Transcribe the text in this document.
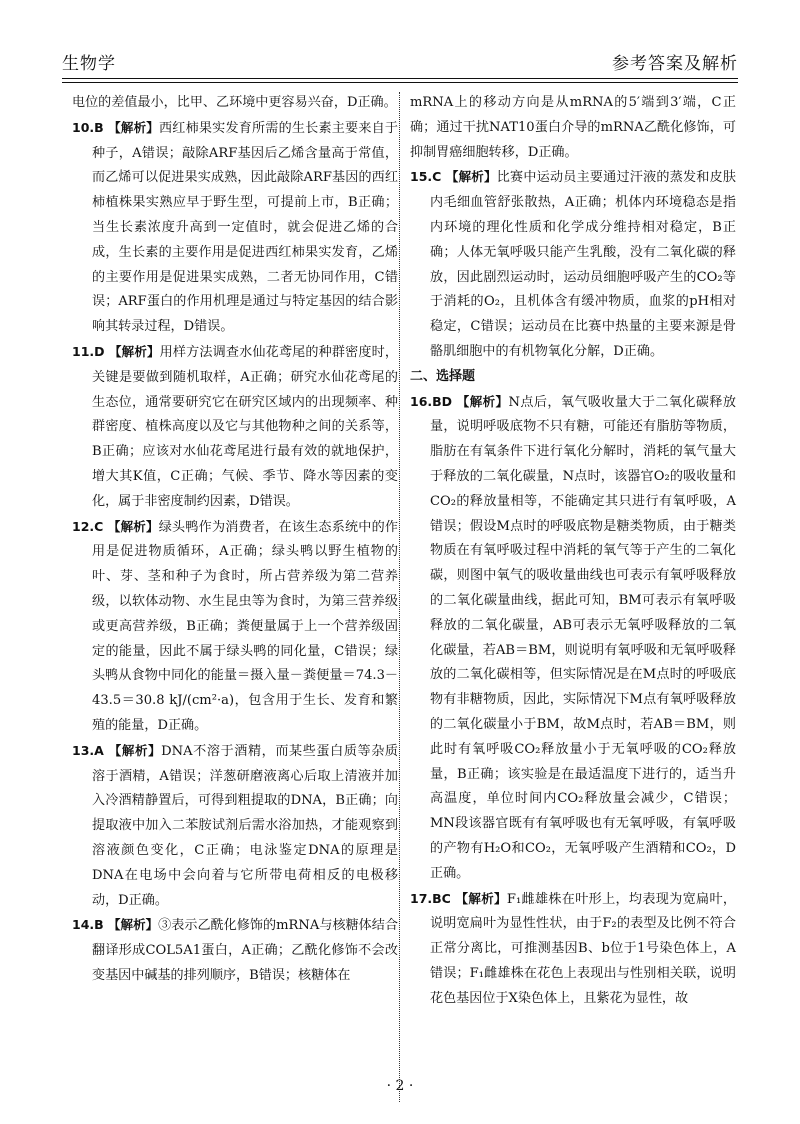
生物学	参考答案及解析

电位的差值最小，比甲、乙环境中更容易兴奋，D正确。

10.B 【解析】西红柿果实发育所需的生长素主要来自于种子，A错误；敲除ARF基因后乙烯含量高于常值，而乙烯可以促进果实成熟，因此敲除ARF基因的西红柿植株果实熟应早于野生型，可提前上市，B正确；当生长素浓度升高到一定值时，就会促进乙烯的合成，生长素的主要作用是促进西红柿果实发育，乙烯的主要作用是促进果实成熟，二者无协同作用，C错误；ARF蛋白的作用机理是通过与特定基因的结合影响其转录过程，D错误。

11.D 【解析】用样方法调查水仙花鸢尾的种群密度时，关键是要做到随机取样，A正确；研究水仙花鸢尾的生态位，通常要研究它在研究区域内的出现频率、种群密度、植株高度以及它与其他物种之间的关系等，B正确；应该对水仙花鸢尾进行最有效的就地保护，增大其K值，C正确；气候、季节、降水等因素的变化，属于非密度制约因素，D错误。

12.C 【解析】绿头鸭作为消费者，在该生态系统中的作用是促进物质循环，A正确；绿头鸭以野生植物的叶、芽、茎和种子为食时，所占营养级为第二营养级，以软体动物、水生昆虫等为食时，为第三营养级或更高营养级，B正确；粪便量属于上一个营养级固定的能量，因此不属于绿头鸭的同化量，C错误；绿头鸭从食物中同化的能量＝摄入量－粪便量＝74.3－43.5＝30.8 kJ/(cm²·a)，包含用于生长、发育和繁殖的能量，D正确。

13.A 【解析】DNA不溶于酒精，而某些蛋白质等杂质溶于酒精，A错误；洋葱研磨液离心后取上清液并加入冷酒精静置后，可得到粗提取的DNA，B正确；向提取液中加入二苯胺试剂后需水浴加热，才能观察到溶液颜色变化，C正确；电泳鉴定DNA的原理是DNA在电场中会向着与它所带电荷相反的电极移动，D正确。

14.B 【解析】③表示乙酰化修饰的mRNA与核糖体结合翻译形成COL5A1蛋白，A正确；乙酰化修饰不会改变基因中碱基的排列顺序，B错误；核糖体在

mRNA上的移动方向是从mRNA的5′端到3′端，C正确；通过干扰NAT10蛋白介导的mRNA乙酰化修饰，可抑制胃癌细胞转移，D正确。

15.C 【解析】比赛中运动员主要通过汗液的蒸发和皮肤内毛细血管舒张散热，A正确；机体内环境稳态是指内环境的理化性质和化学成分维持相对稳定，B正确；人体无氧呼吸只能产生乳酸，没有二氧化碳的释放，因此剧烈运动时，运动员细胞呼吸产生的CO₂等于消耗的O₂，且机体含有缓冲物质，血浆的pH相对稳定，C错误；运动员在比赛中热量的主要来源是骨骼肌细胞中的有机物氧化分解，D正确。

二、选择题

16.BD 【解析】N点后，氧气吸收量大于二氧化碳释放量，说明呼吸底物不只有糖，可能还有脂肪等物质，脂肪在有氧条件下进行氧化分解时，消耗的氧气量大于释放的二氧化碳量，N点时，该器官O₂的吸收量和CO₂的释放量相等，不能确定其只进行有氧呼吸，A错误；假设M点时的呼吸底物是糖类物质，由于糖类物质在有氧呼吸过程中消耗的氧气等于产生的二氧化碳，则图中氧气的吸收量曲线也可表示有氧呼吸释放的二氧化碳量曲线，据此可知，BM可表示有氧呼吸释放的二氧化碳量，AB可表示无氧呼吸释放的二氧化碳量，若AB＝BM，则说明有氧呼吸和无氧呼吸释放的二氧化碳相等，但实际情况是在M点时的呼吸底物有非糖物质，因此，实际情况下M点有氧呼吸释放的二氧化碳量小于BM，故M点时，若AB＝BM，则此时有氧呼吸CO₂释放量小于无氧呼吸的CO₂释放量，B正确；该实验是在最适温度下进行的，适当升高温度，单位时间内CO₂释放量会减少，C错误；MN段该器官既有有氧呼吸也有无氧呼吸，有氧呼吸的产物有H₂O和CO₂，无氧呼吸产生酒精和CO₂，D正确。

17.BC 【解析】F₁雌雄株在叶形上，均表现为宽扁叶，说明宽扁叶为显性性状，由于F₂的表型及比例不符合正常分离比，可推测基因B、b位于1号染色体上，A错误；F₁雌雄株在花色上表现出与性别相关联，说明花色基因位于X染色体上，且紫花为显性，故

· 2 ·
